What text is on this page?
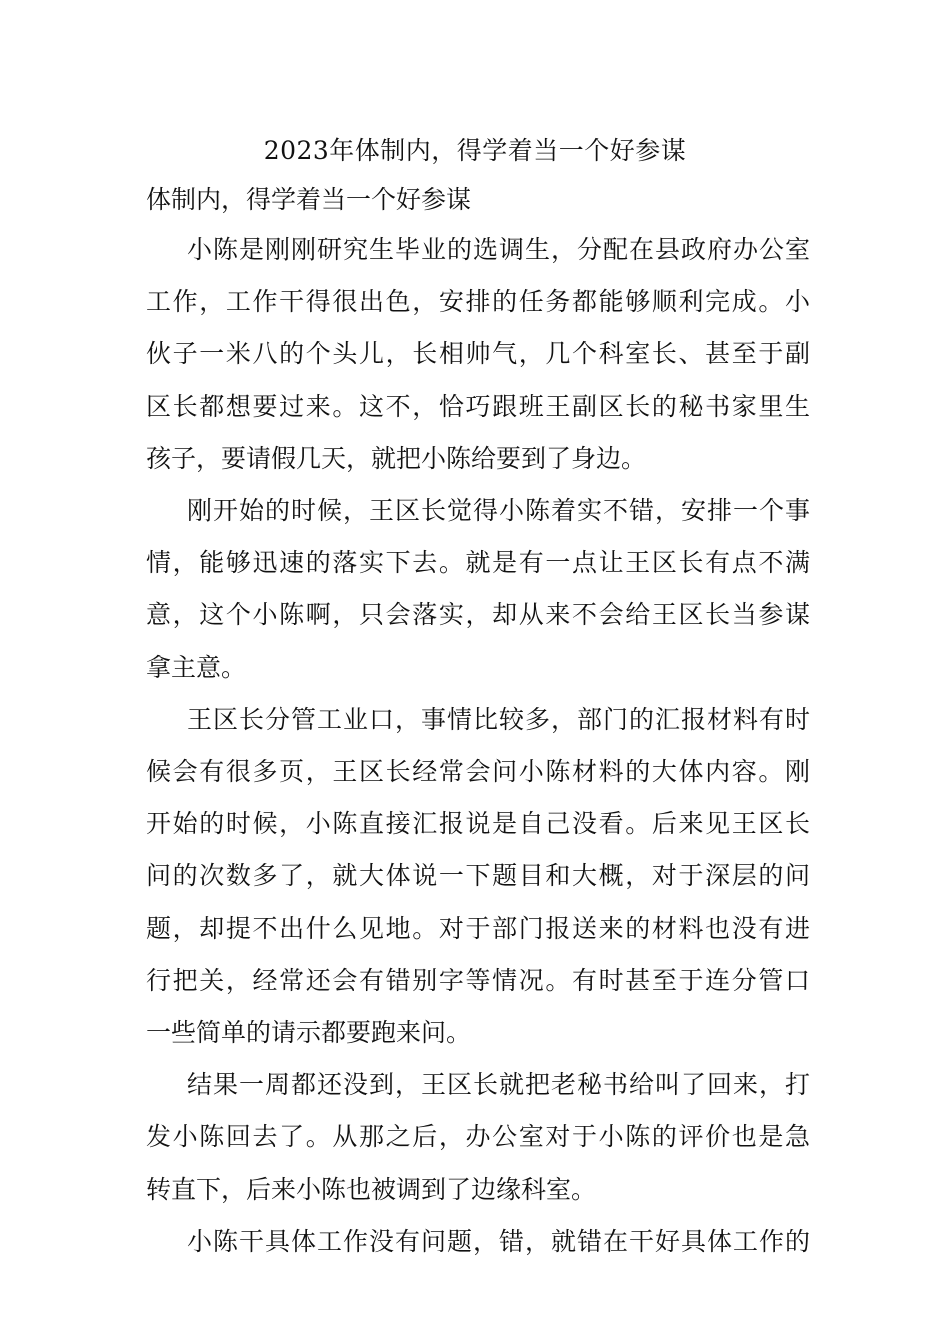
2023年体制内，得学着当一个好参谋
体制内，得学着当一个好参谋

小陈是刚刚研究生毕业的选调生，分配在县政府办公室
工作，工作干得很出色，安排的任务都能够顺利完成。小
伙子一米八的个头儿，长相帅气，几个科室长、甚至于副
区长都想要过来。这不，恰巧跟班王副区长的秘书家里生
孩子，要请假几天，就把小陈给要到了身边。

刚开始的时候，王区长觉得小陈着实不错，安排一个事
情，能够迅速的落实下去。就是有一点让王区长有点不满
意，这个小陈啊，只会落实，却从来不会给王区长当参谋
拿主意。

王区长分管工业口，事情比较多，部门的汇报材料有时
候会有很多页，王区长经常会问小陈材料的大体内容。刚
开始的时候，小陈直接汇报说是自己没看。后来见王区长
问的次数多了，就大体说一下题目和大概，对于深层的问
题，却提不出什么见地。对于部门报送来的材料也没有进
行把关，经常还会有错别字等情况。有时甚至于连分管口
一些简单的请示都要跑来问。

结果一周都还没到，王区长就把老秘书给叫了回来，打
发小陈回去了。从那之后，办公室对于小陈的评价也是急
转直下，后来小陈也被调到了边缘科室。

小陈干具体工作没有问题，错，就错在干好具体工作的
